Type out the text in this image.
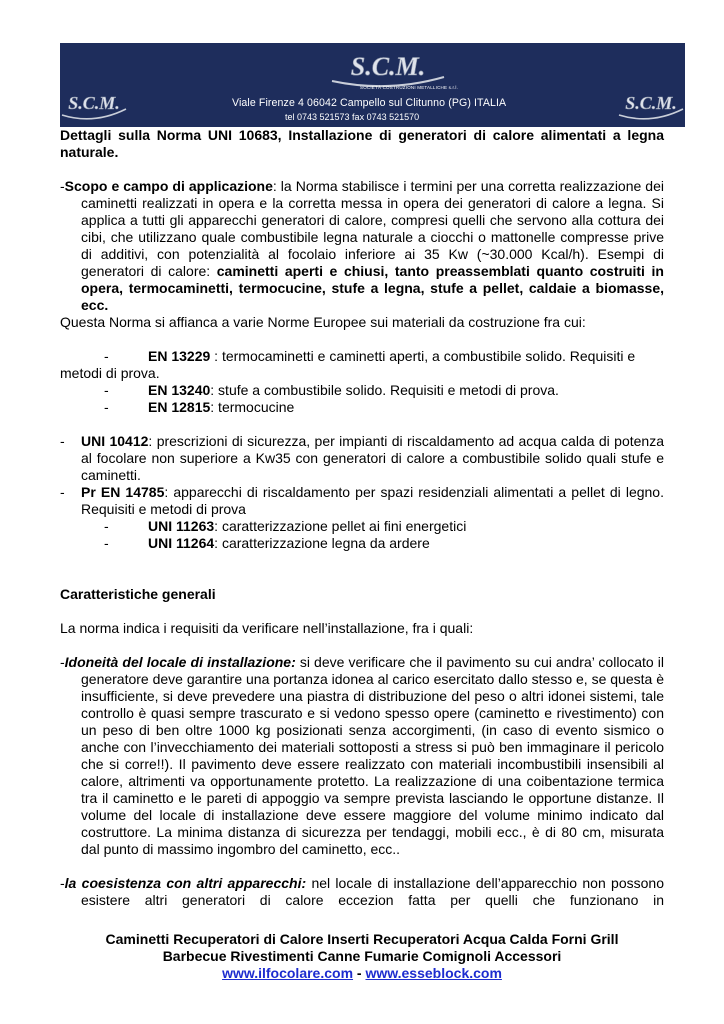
S.C.M.
SOCIETÀ COSTRUZIONI METALLICHE s.r.l.
S.C.M.	S.C.M.
Viale Firenze 4 06042 Campello sul Clitunno (PG) ITALIA
tel 0743 521573 fax 0743 521570

Dettagli sulla Norma UNI 10683, Installazione di generatori di calore alimentati a legna naturale.

-Scopo e campo di applicazione: la Norma stabilisce i termini per una corretta realizzazione dei caminetti realizzati in opera e la corretta messa in opera dei generatori di calore a legna. Si applica a tutti gli apparecchi generatori di calore, compresi quelli che servono alla cottura dei cibi, che utilizzano quale combustibile legna naturale a ciocchi o mattonelle compresse prive di additivi, con potenzialità al focolaio inferiore ai 35 Kw (~30.000 Kcal/h). Esempi di generatori di calore: caminetti aperti e chiusi, tanto preassemblati quanto costruiti in opera, termocaminetti, termocucine, stufe a legna, stufe a pellet, caldaie a biomasse, ecc.

Questa Norma si affianca a varie Norme Europee sui materiali da costruzione fra cui:

-	EN 13229 : termocaminetti e caminetti aperti, a combustibile solido. Requisiti e

metodi di prova.

-	EN 13240: stufe a combustibile solido. Requisiti e metodi di prova.
-	EN 12815: termocucine
-	UNI 10412: prescrizioni di sicurezza, per impianti di riscaldamento ad acqua calda di potenza al focolare non superiore a Kw35 con generatori di calore a combustibile solido quali stufe e caminetti.
-	Pr EN 14785: apparecchi di riscaldamento per spazi residenziali alimentati a pellet di legno. Requisiti e metodi di prova
-	UNI 11263: caratterizzazione pellet ai fini energetici
-	UNI 11264: caratterizzazione legna da ardere

Caratteristiche generali

La norma indica i requisiti da verificare nell’installazione, fra i quali:

-Idoneità del locale di installazione: si deve verificare che il pavimento su cui andra’ collocato il generatore deve garantire una portanza idonea al carico esercitato dallo stesso e, se questa è insufficiente, si deve prevedere una piastra di distribuzione del peso o altri idonei sistemi, tale controllo è quasi sempre trascurato e si vedono spesso opere (caminetto e rivestimento) con un peso di ben oltre 1000 kg posizionati senza accorgimenti, (in caso di evento sismico o anche con l’invecchiamento dei materiali sottoposti a stress si può ben immaginare il pericolo che si corre!!). Il pavimento deve essere realizzato con materiali incombustibili insensibili al calore, altrimenti va opportunamente protetto. La realizzazione di una coibentazione termica tra il caminetto e le pareti di appoggio va sempre prevista lasciando le opportune distanze. Il volume del locale di installazione deve essere maggiore del volume minimo indicato dal costruttore. La minima distanza di sicurezza per tendaggi, mobili ecc., è di 80 cm, misurata dal punto di massimo ingombro del caminetto, ecc..

-la coesistenza con altri apparecchi: nel locale di installazione dell’apparecchio non possono esistere altri generatori di calore eccezion fatta per quelli che funzionano in

Caminetti Recuperatori di Calore Inserti Recuperatori Acqua Calda Forni Grill
Barbecue Rivestimenti Canne Fumarie Comignoli Accessori
www.ilfocolare.com - www.esseblock.com
